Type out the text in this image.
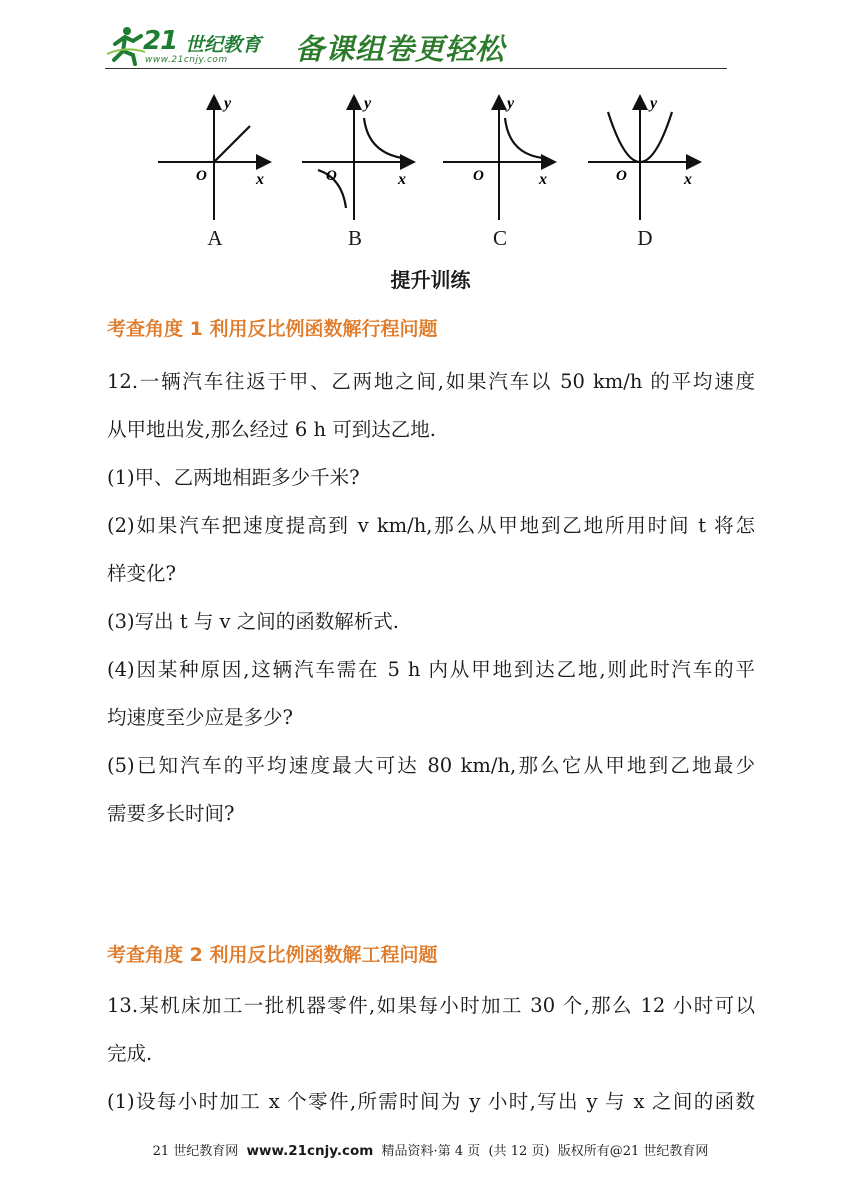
21 世纪教育
www.21cnjy.com 备课组卷更轻松
y
x
O
A
y
x
O
B
y
x
O
C
y
x
O
D
提升训练
考查角度 1 利用反比例函数解行程问题
12.一辆汽车往返于甲、乙两地之间,如果汽车以 50 km/h 的平均速度
从甲地出发,那么经过 6 h 可到达乙地.
(1)甲、乙两地相距多少千米?
(2)如果汽车把速度提高到 v km/h,那么从甲地到乙地所用时间 t 将怎
样变化?
(3)写出 t 与 v 之间的函数解析式.
(4)因某种原因,这辆汽车需在 5 h 内从甲地到达乙地,则此时汽车的平
均速度至少应是多少?
(5)已知汽车的平均速度最大可达 80 km/h,那么它从甲地到乙地最少
需要多长时间?
考查角度 2 利用反比例函数解工程问题
13.某机床加工一批机器零件,如果每小时加工 30 个,那么 12 小时可以
完成.
(1)设每小时加工 x 个零件,所需时间为 y 小时,写出 y 与 x 之间的函数
21 世纪教育网  www.21cnjy.com  精品资料·第 4 页  (共 12 页)  版权所有@21 世纪教育网
